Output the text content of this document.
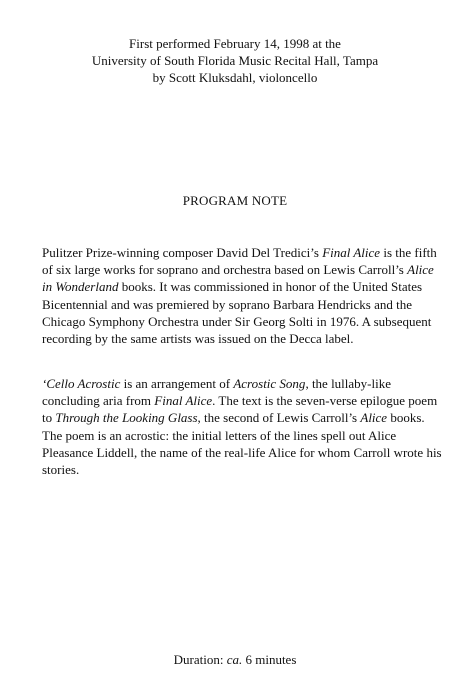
First performed February 14, 1998 at the
University of South Florida Music Recital Hall, Tampa
by Scott Kluksdahl, violoncello
PROGRAM NOTE

Pulitzer Prize-winning composer David Del Tredici’s Final Alice is the fifth of six large works for soprano and orchestra based on Lewis Carroll’s Alice in Wonderland books. It was commissioned in honor of the United States Bicentennial and was premiered by soprano Barbara Hendricks and the Chicago Symphony Orchestra under Sir Georg Solti in 1976. A subsequent recording by the same artists was issued on the Decca label.

‘Cello Acrostic is an arrangement of Acrostic Song, the lullaby-like concluding aria from Final Alice. The text is the seven-verse epilogue poem to Through the Looking Glass, the second of Lewis Carroll’s Alice books. The poem is an acrostic: the initial letters of the lines spell out Alice Pleasance Liddell, the name of the real-life Alice for whom Carroll wrote his stories.

Duration: ca. 6 minutes
